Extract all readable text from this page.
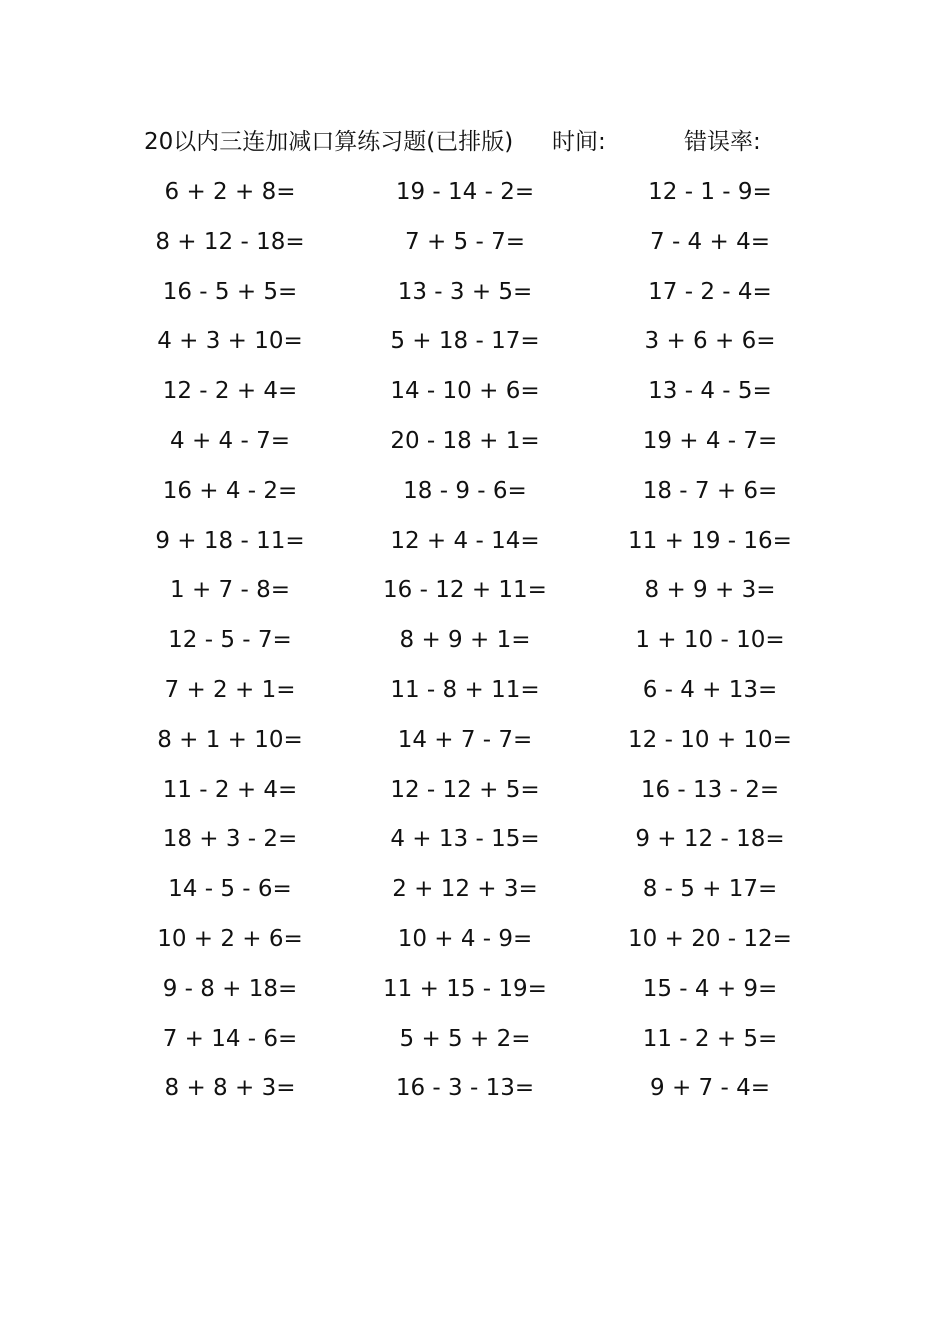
20以内三连加减口算练习题(已排版) 时间:	错误率:
6 + 2 + 8=	19 - 14 - 2=	12 - 1 - 9=
8 + 12 - 18=	7 + 5 - 7=	7 - 4 + 4=
16 - 5 + 5=	13 - 3 + 5=	17 - 2 - 4=
4 + 3 + 10=	5 + 18 - 17=	3 + 6 + 6=
12 - 2 + 4=	14 - 10 + 6=	13 - 4 - 5=
4 + 4 - 7=	20 - 18 + 1=	19 + 4 - 7=
16 + 4 - 2=	18 - 9 - 6=	18 - 7 + 6=
9 + 18 - 11=	12 + 4 - 14=	11 + 19 - 16=
1 + 7 - 8=	16 - 12 + 11=	8 + 9 + 3=
12 - 5 - 7=	8 + 9 + 1=	1 + 10 - 10=
7 + 2 + 1=	11 - 8 + 11=	6 - 4 + 13=
8 + 1 + 10=	14 + 7 - 7=	12 - 10 + 10=
11 - 2 + 4=	12 - 12 + 5=	16 - 13 - 2=
18 + 3 - 2=	4 + 13 - 15=	9 + 12 - 18=
14 - 5 - 6=	2 + 12 + 3=	8 - 5 + 17=
10 + 2 + 6=	10 + 4 - 9=	10 + 20 - 12=
9 - 8 + 18=	11 + 15 - 19=	15 - 4 + 9=
7 + 14 - 6=	5 + 5 + 2=	11 - 2 + 5=
8 + 8 + 3=	16 - 3 - 13=	9 + 7 - 4=
